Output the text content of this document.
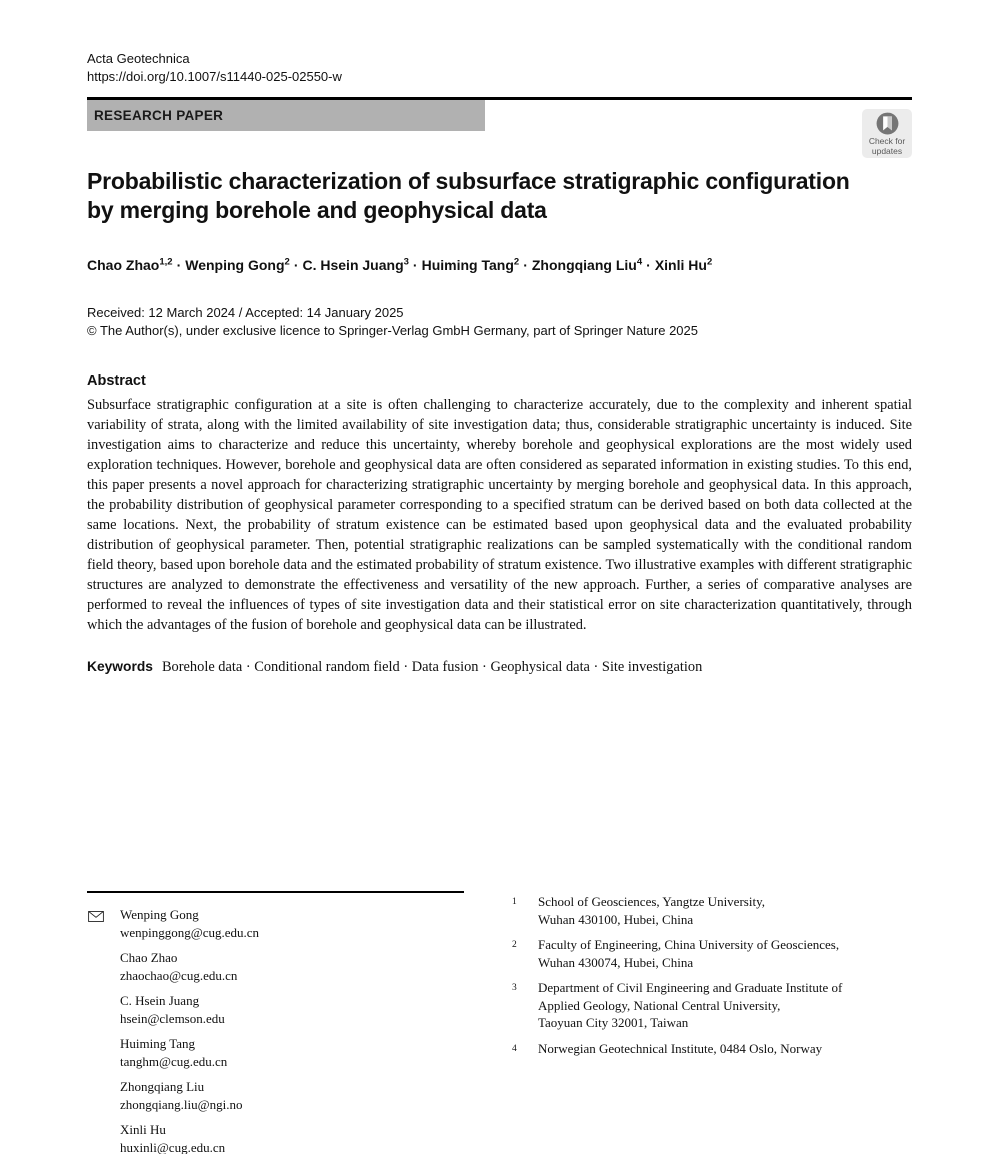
Acta Geotechnica
https://doi.org/10.1007/s11440-025-02550-w
RESEARCH PAPER
Probabilistic characterization of subsurface stratigraphic configuration
by merging borehole and geophysical data
Chao Zhao$^{1,2}$ · Wenping Gong$^2$ · C. Hsein Juang$^3$ · Huiming Tang$^2$ · Zhongqiang Liu$^4$ · Xinli Hu$^2$
Received: 12 March 2024 / Accepted: 14 January 2025
© The Author(s), under exclusive licence to Springer-Verlag GmbH Germany, part of Springer Nature 2025
Abstract
Subsurface stratigraphic configuration at a site is often challenging to characterize accurately, due to the complexity and inherent spatial variability of strata, along with the limited availability of site investigation data; thus, considerable stratigraphic uncertainty is induced. Site investigation aims to characterize and reduce this uncertainty, whereby borehole and geophysical explorations are the most widely used exploration techniques. However, borehole and geophysical data are often considered as separated information in existing studies. To this end, this paper presents a novel approach for characterizing stratigraphic uncertainty by merging borehole and geophysical data. In this approach, the probability distribution of geophysical parameter corresponding to a specified stratum can be derived based on both data collected at the same locations. Next, the probability of stratum existence can be estimated based upon geophysical data and the evaluated probability distribution of geophysical parameter. Then, potential stratigraphic realizations can be sampled systematically with the conditional random field theory, based upon borehole data and the estimated probability of stratum existence. Two illustrative examples with different stratigraphic structures are analyzed to demonstrate the effectiveness and versatility of the new approach. Further, a series of comparative analyses are performed to reveal the influences of types of site investigation data and their statistical error on site characterization quantitatively, through which the advantages of the fusion of borehole and geophysical data can be illustrated.
Keywords Borehole data · Conditional random field · Data fusion · Geophysical data · Site investigation
Check for
updates
Wenping Gong
wenpinggong@cug.edu.cn
Chao Zhao
zhaochao@cug.edu.cn
C. Hsein Juang
hsein@clemson.edu
Huiming Tang
tanghm@cug.edu.cn
Zhongqiang Liu
zhongqiang.liu@ngi.no
Xinli Hu
huxinli@cug.edu.cn
1	School of Geosciences, Yangtze University,
Wuhan 430100, Hubei, China
2	Faculty of Engineering, China University of Geosciences,
Wuhan 430074, Hubei, China
3	Department of Civil Engineering and Graduate Institute of
Applied Geology, National Central University,
Taoyuan City 32001, Taiwan
4	Norwegian Geotechnical Institute, 0484 Oslo, Norway
